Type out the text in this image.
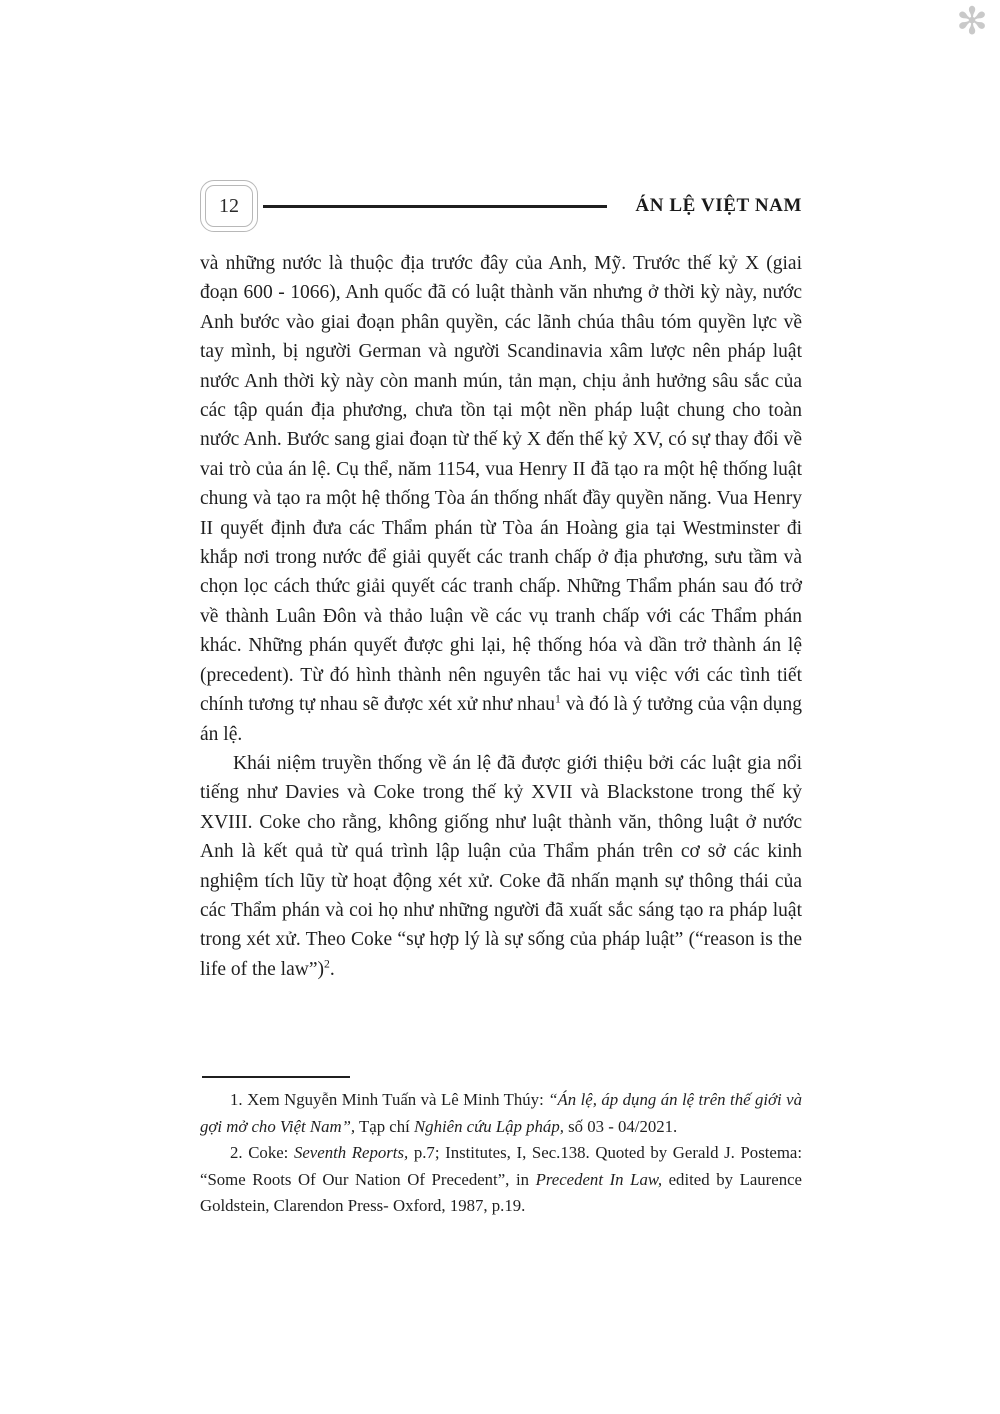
✻
12	ÁN LỆ VIỆT NAM

và những nước là thuộc địa trước đây của Anh, Mỹ. Trước thế kỷ X (giai đoạn 600 - 1066), Anh quốc đã có luật thành văn nhưng ở thời kỳ này, nước Anh bước vào giai đoạn phân quyền, các lãnh chúa thâu tóm quyền lực về tay mình, bị người German và người Scandinavia xâm lược nên pháp luật nước Anh thời kỳ này còn manh mún, tản mạn, chịu ảnh hưởng sâu sắc của các tập quán địa phương, chưa tồn tại một nền pháp luật chung cho toàn nước Anh. Bước sang giai đoạn từ thế kỷ X đến thế kỷ XV, có sự thay đổi về vai trò của án lệ. Cụ thể, năm 1154, vua Henry II đã tạo ra một hệ thống luật chung và tạo ra một hệ thống Tòa án thống nhất đầy quyền năng. Vua Henry II quyết định đưa các Thẩm phán từ Tòa án Hoàng gia tại Westminster đi khắp nơi trong nước để giải quyết các tranh chấp ở địa phương, sưu tầm và chọn lọc cách thức giải quyết các tranh chấp. Những Thẩm phán sau đó trở về thành Luân Đôn và thảo luận về các vụ tranh chấp với các Thẩm phán khác. Những phán quyết được ghi lại, hệ thống hóa và dần trở thành án lệ (precedent). Từ đó hình thành nên nguyên tắc hai vụ việc với các tình tiết chính tương tự nhau sẽ được xét xử như nhau$^1$ và đó là ý tưởng của vận dụng án lệ.

Khái niệm truyền thống về án lệ đã được giới thiệu bởi các luật gia nổi tiếng như Davies và Coke trong thế kỷ XVII và Blackstone trong thế kỷ XVIII. Coke cho rằng, không giống như luật thành văn, thông luật ở nước Anh là kết quả từ quá trình lập luận của Thẩm phán trên cơ sở các kinh nghiệm tích lũy từ hoạt động xét xử. Coke đã nhấn mạnh sự thông thái của các Thẩm phán và coi họ như những người đã xuất sắc sáng tạo ra pháp luật trong xét xử. Theo Coke “sự hợp lý là sự sống của pháp luật” (“reason is the life of the law”)$^2$.

1. Xem Nguyễn Minh Tuấn và Lê Minh Thúy: “Án lệ, áp dụng án lệ trên thế giới và gợi mở cho Việt Nam”, Tạp chí Nghiên cứu Lập pháp, số 03 - 04/2021.

2. Coke: Seventh Reports, p.7; Institutes, I, Sec.138. Quoted by Gerald J. Postema: “Some Roots Of Our Nation Of Precedent”, in Precedent In Law, edited by Laurence Goldstein, Clarendon Press- Oxford, 1987, p.19.
